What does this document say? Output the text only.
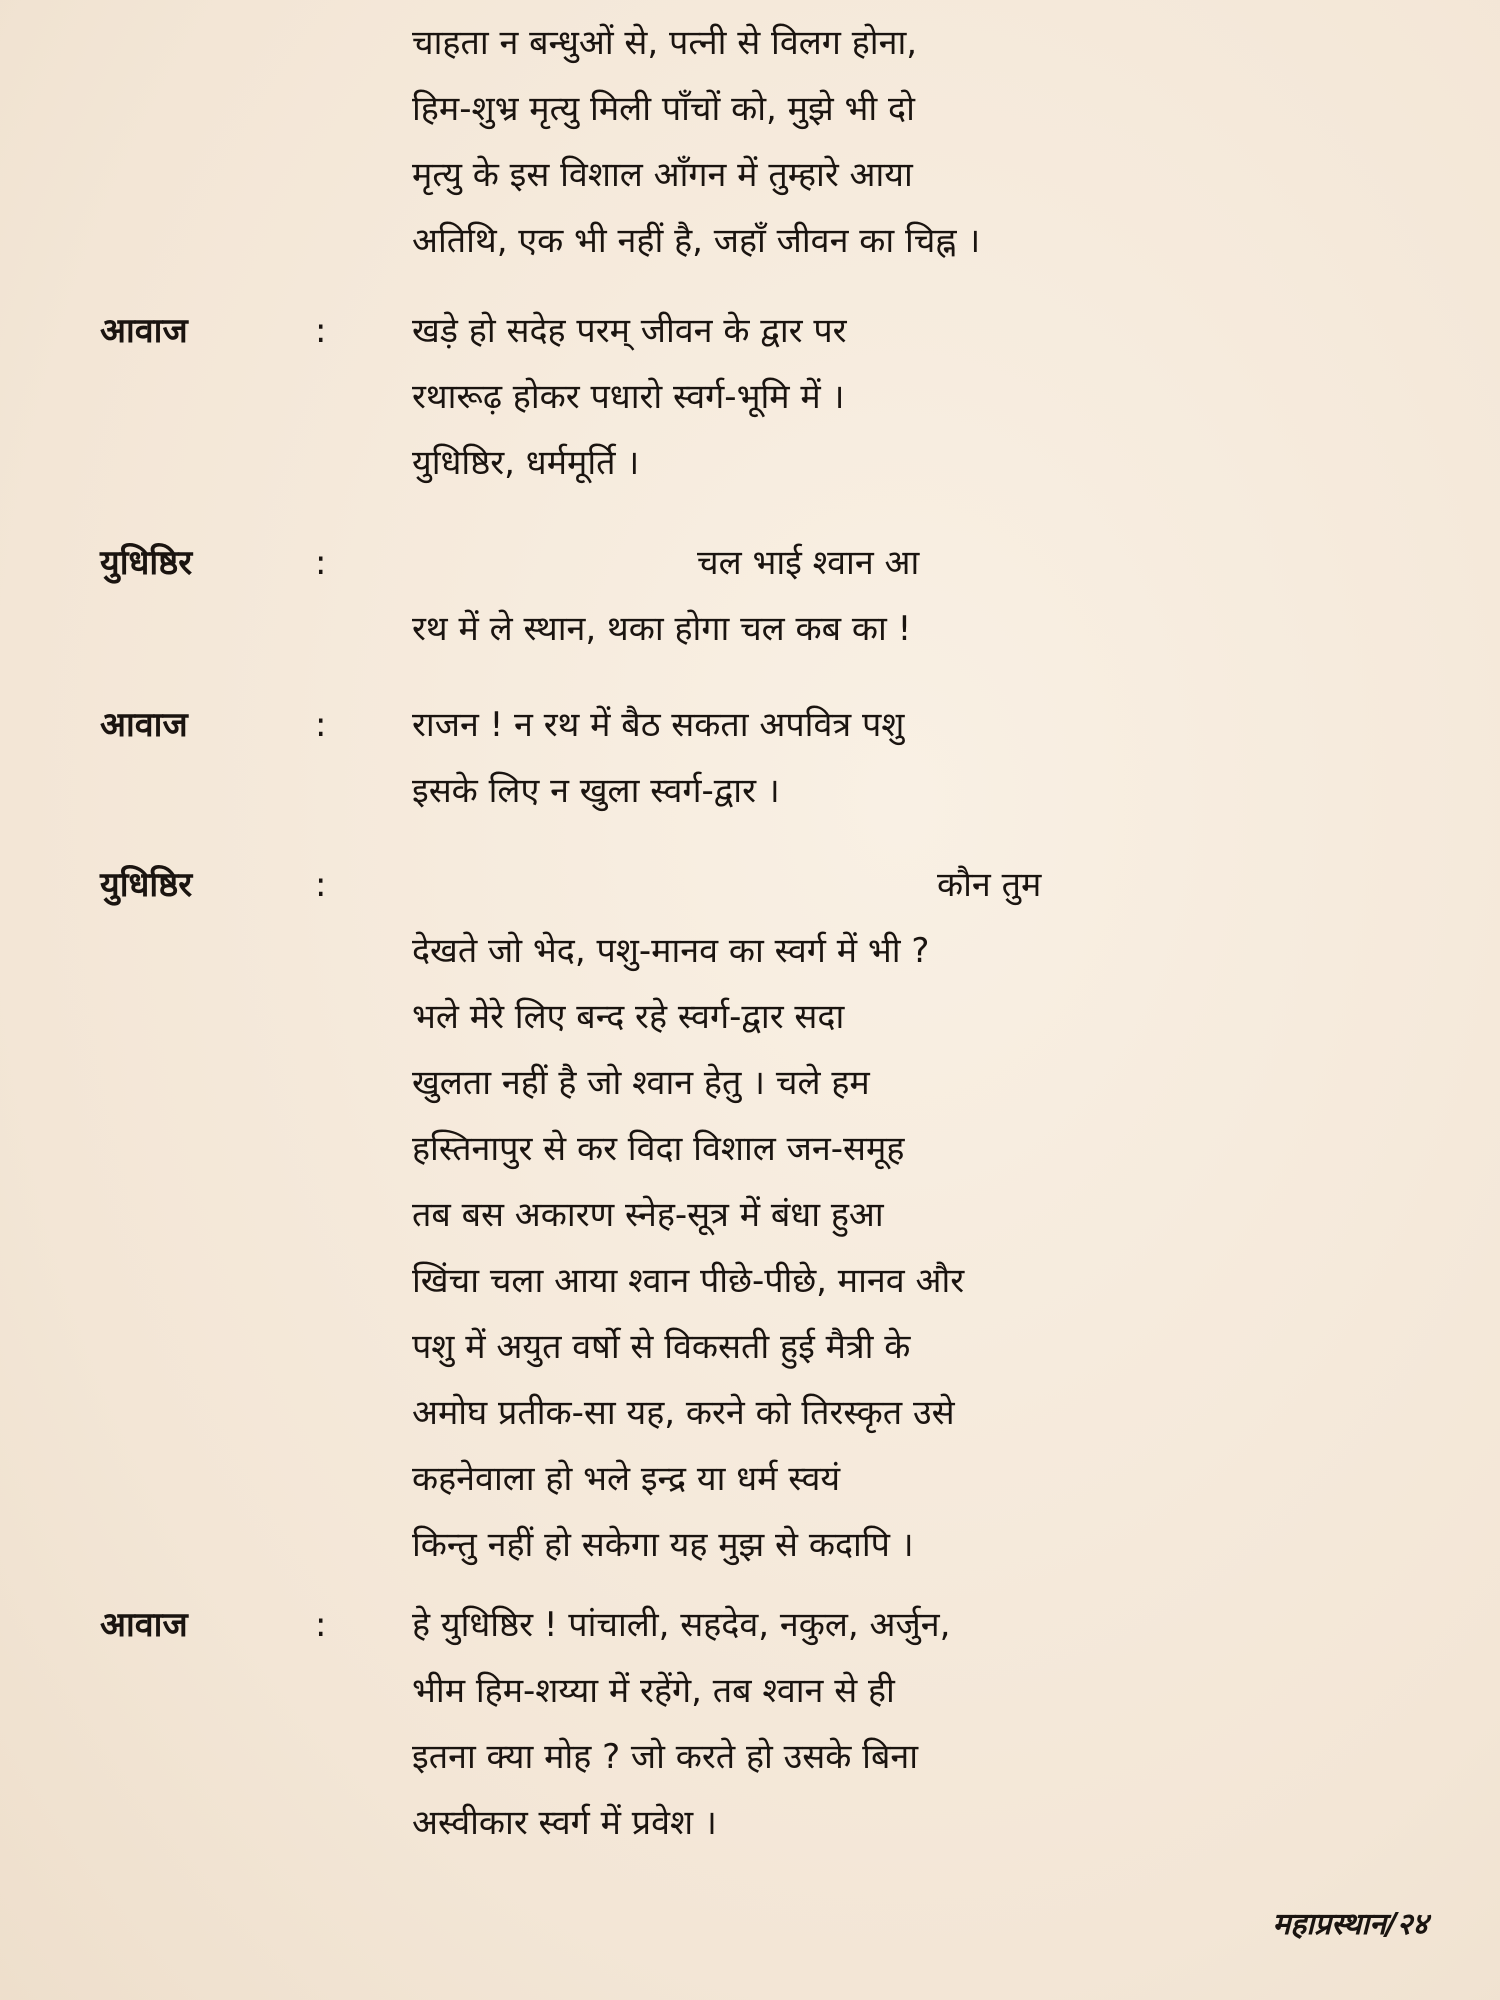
चाहता न बन्धुओं से, पत्नी से विलग होना,
हिम-शुभ्र मृत्यु मिली पाँचों को, मुझे भी दो
मृत्यु के इस विशाल आँगन में तुम्हारे आया
अतिथि, एक भी नहीं है, जहाँ जीवन का चिह्न ।
आवाज	:	खड़े हो सदेह परम् जीवन के द्वार पर
रथारूढ़ होकर पधारो स्वर्ग-भूमि में ।
युधिष्ठिर, धर्ममूर्ति ।
युधिष्ठिर	:	चल भाई श्वान आ
रथ में ले स्थान, थका होगा चल कब का !
आवाज	:	राजन ! न रथ में बैठ सकता अपवित्र पशु
इसके लिए न खुला स्वर्ग-द्वार ।
युधिष्ठिर	:	कौन तुम
देखते जो भेद, पशु-मानव का स्वर्ग में भी ?
भले मेरे लिए बन्द रहे स्वर्ग-द्वार सदा
खुलता नहीं है जो श्वान हेतु । चले हम
हस्तिनापुर से कर विदा विशाल जन-समूह
तब बस अकारण स्नेह-सूत्र में बंधा हुआ
खिंचा चला आया श्वान पीछे-पीछे, मानव और
पशु में अयुत वर्षो से विकसती हुई मैत्री के
अमोघ प्रतीक-सा यह, करने को तिरस्कृत उसे
कहनेवाला हो भले इन्द्र या धर्म स्वयं
किन्तु नहीं हो सकेगा यह मुझ से कदापि ।
आवाज	:	हे युधिष्ठिर ! पांचाली, सहदेव, नकुल, अर्जुन,
भीम हिम-शय्या में रहेंगे, तब श्वान से ही
इतना क्या मोह ? जो करते हो उसके बिना
अस्वीकार स्वर्ग में प्रवेश ।
महाप्रस्थान/२४
